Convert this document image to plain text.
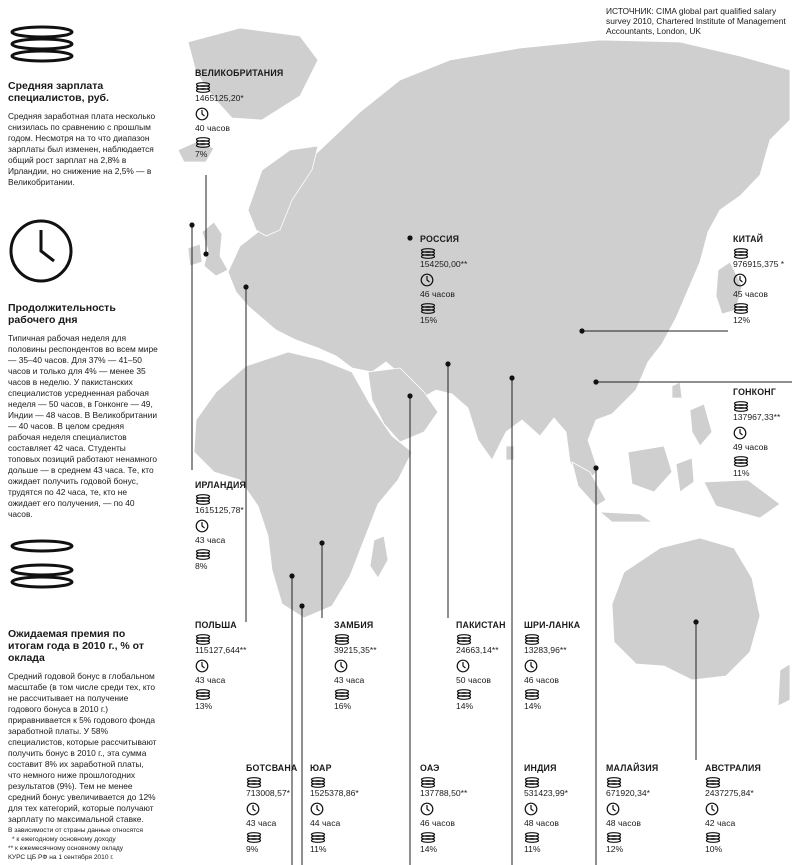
ИСТОЧНИК: CIMA global part qualified salary survey 2010, Chartered Institute of Management Accountants, London, UK
Средняя зарплата специалистов, руб.

Средняя заработная плата несколько снизилась по сравнению с прошлым годом. Несмотря на то что диапазон зарплаты был изменен, наблюдается общий рост зарплат на 2,8% в Ирландии, но снижение на 2,5% — в Великобритании.

Продолжительность рабочего дня

Типичная рабочая неделя для половины респондентов во всем мире — 35–40 часов. Для 37% — 41–50 часов и только для 4% — менее 35 часов в неделю. У пакистанских специалистов усредненная рабочая неделя — 50 часов, в Гонконге — 49, Индии — 48 часов. В Великобритании — 40 часов. В целом средняя рабочая неделя специалистов составляет 42 часа. Студенты топовых позиций работают ненамного дольше — в среднем 43 часа. Те, кто ожидает получить годовой бонус, трудятся по 42 часа, те, кто не ожидает его получения, — по 40 часов.

Ожидаемая премия по итогам года в 2010 г., % от оклада

Средний годовой бонус в глобальном масштабе (в том числе среди тех, кто не рассчитывает на получение годового бонуса в 2010 г.) приравнивается к 5% годового фонда заработной платы. У 58% специалистов, которые рассчитывают получить бонус в 2010 г., эта сумма составит 8% их заработной платы, что немного ниже прошлогодних результатов (9%). Тем не менее средний бонус увеличивается до 12% для тех категорий, которые получают зарплату по максимальной ставке.

В зависимости от страны данные относятся
* к ежегодному основному доходу
** к ежемесячному основному окладу
КУРС ЦБ РФ на 1 сентября 2010 г.
ВЕЛИКОБРИТАНИЯ
1465125,20*
40 часов
7%
РОССИЯ
154250,00**
46 часов
15%
КИТАЙ
976915,375 *
45 часов
12%
ГОНКОНГ
137967,33**
49 часов
11%
ИРЛАНДИЯ
1615125,78*
43 часа
8%
ПОЛЬША
115127,644**
43 часа
13%
ЗАМБИЯ
39215,35**
43 часа
16%
ПАКИСТАН
24663,14**
50 часов
14%
ШРИ-ЛАНКА
13283,96**
46 часов
14%
БОТСВАНА
713008,57*
43 часа
9%
ЮАР
1525378,86*
44 часа
11%
ОАЭ
137788,50**
46 часов
14%
ИНДИЯ
531423,99*
48 часов
11%
МАЛАЙЗИЯ
671920,34*
48 часов
12%
АВСТРАЛИЯ
2437275,84*
42 часа
10%
